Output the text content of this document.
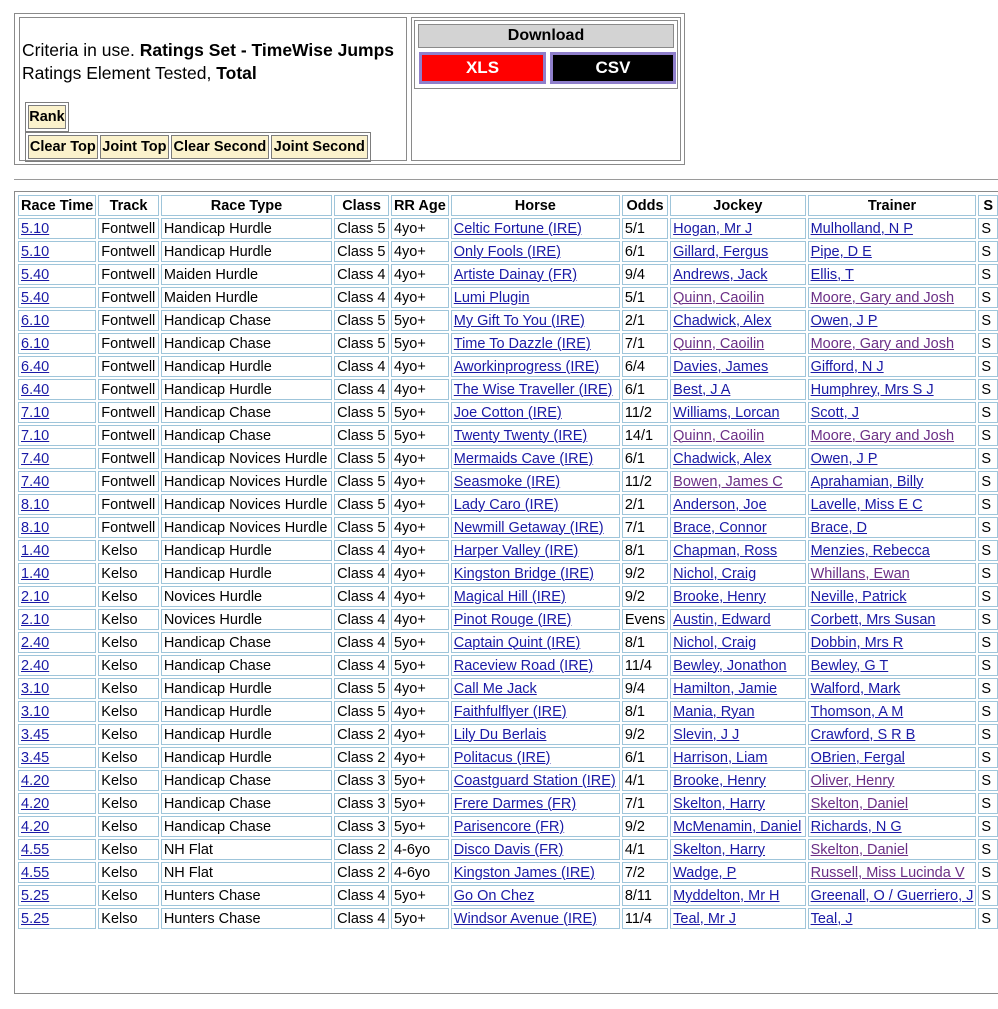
Criteria in use. Ratings Set - TimeWise Jumps
Ratings Element Tested, Total
Rank
Clear Top Joint Top Clear Second Joint Second
Download
XLS	CSV
Race Time	Track	Race Type	Class	RR Age	Horse	Odds	Jockey	Trainer	S
5.10	Fontwell	Handicap Hurdle	Class 5	4yo+	Celtic Fortune (IRE)	5/1	Hogan, Mr J	Mulholland, N P	S
5.10	Fontwell	Handicap Hurdle	Class 5	4yo+	Only Fools (IRE)	6/1	Gillard, Fergus	Pipe, D E	S
5.40	Fontwell	Maiden Hurdle	Class 4	4yo+	Artiste Dainay (FR)	9/4	Andrews, Jack	Ellis, T	S
5.40	Fontwell	Maiden Hurdle	Class 4	4yo+	Lumi Plugin	5/1	Quinn, Caoilin	Moore, Gary and Josh	S
6.10	Fontwell	Handicap Chase	Class 5	5yo+	My Gift To You (IRE)	2/1	Chadwick, Alex	Owen, J P	S
6.10	Fontwell	Handicap Chase	Class 5	5yo+	Time To Dazzle (IRE)	7/1	Quinn, Caoilin	Moore, Gary and Josh	S
6.40	Fontwell	Handicap Hurdle	Class 4	4yo+	Aworkinprogress (IRE)	6/4	Davies, James	Gifford, N J	S
6.40	Fontwell	Handicap Hurdle	Class 4	4yo+	The Wise Traveller (IRE)	6/1	Best, J A	Humphrey, Mrs S J	S
7.10	Fontwell	Handicap Chase	Class 5	5yo+	Joe Cotton (IRE)	11/2	Williams, Lorcan	Scott, J	S
7.10	Fontwell	Handicap Chase	Class 5	5yo+	Twenty Twenty (IRE)	14/1	Quinn, Caoilin	Moore, Gary and Josh	S
7.40	Fontwell	Handicap Novices Hurdle	Class 5	4yo+	Mermaids Cave (IRE)	6/1	Chadwick, Alex	Owen, J P	S
7.40	Fontwell	Handicap Novices Hurdle	Class 5	4yo+	Seasmoke (IRE)	11/2	Bowen, James C	Aprahamian, Billy	S
8.10	Fontwell	Handicap Novices Hurdle	Class 5	4yo+	Lady Caro (IRE)	2/1	Anderson, Joe	Lavelle, Miss E C	S
8.10	Fontwell	Handicap Novices Hurdle	Class 5	4yo+	Newmill Getaway (IRE)	7/1	Brace, Connor	Brace, D	S
1.40	Kelso	Handicap Hurdle	Class 4	4yo+	Harper Valley (IRE)	8/1	Chapman, Ross	Menzies, Rebecca	S
1.40	Kelso	Handicap Hurdle	Class 4	4yo+	Kingston Bridge (IRE)	9/2	Nichol, Craig	Whillans, Ewan	S
2.10	Kelso	Novices Hurdle	Class 4	4yo+	Magical Hill (IRE)	9/2	Brooke, Henry	Neville, Patrick	S
2.10	Kelso	Novices Hurdle	Class 4	4yo+	Pinot Rouge (IRE)	Evens	Austin, Edward	Corbett, Mrs Susan	S
2.40	Kelso	Handicap Chase	Class 4	5yo+	Captain Quint (IRE)	8/1	Nichol, Craig	Dobbin, Mrs R	S
2.40	Kelso	Handicap Chase	Class 4	5yo+	Raceview Road (IRE)	11/4	Bewley, Jonathon	Bewley, G T	S
3.10	Kelso	Handicap Hurdle	Class 5	4yo+	Call Me Jack	9/4	Hamilton, Jamie	Walford, Mark	S
3.10	Kelso	Handicap Hurdle	Class 5	4yo+	Faithfulflyer (IRE)	8/1	Mania, Ryan	Thomson, A M	S
3.45	Kelso	Handicap Hurdle	Class 2	4yo+	Lily Du Berlais	9/2	Slevin, J J	Crawford, S R B	S
3.45	Kelso	Handicap Hurdle	Class 2	4yo+	Politacus (IRE)	6/1	Harrison, Liam	OBrien, Fergal	S
4.20	Kelso	Handicap Chase	Class 3	5yo+	Coastguard Station (IRE)	4/1	Brooke, Henry	Oliver, Henry	S
4.20	Kelso	Handicap Chase	Class 3	5yo+	Frere Darmes (FR)	7/1	Skelton, Harry	Skelton, Daniel	S
4.20	Kelso	Handicap Chase	Class 3	5yo+	Parisencore (FR)	9/2	McMenamin, Daniel	Richards, N G	S
4.55	Kelso	NH Flat	Class 2	4-6yo	Disco Davis (FR)	4/1	Skelton, Harry	Skelton, Daniel	S
4.55	Kelso	NH Flat	Class 2	4-6yo	Kingston James (IRE)	7/2	Wadge, P	Russell, Miss Lucinda V	S
5.25	Kelso	Hunters Chase	Class 4	5yo+	Go On Chez	8/11	Myddelton, Mr H	Greenall, O / Guerriero, J	S
5.25	Kelso	Hunters Chase	Class 4	5yo+	Windsor Avenue (IRE)	11/4	Teal, Mr J	Teal, J	S
